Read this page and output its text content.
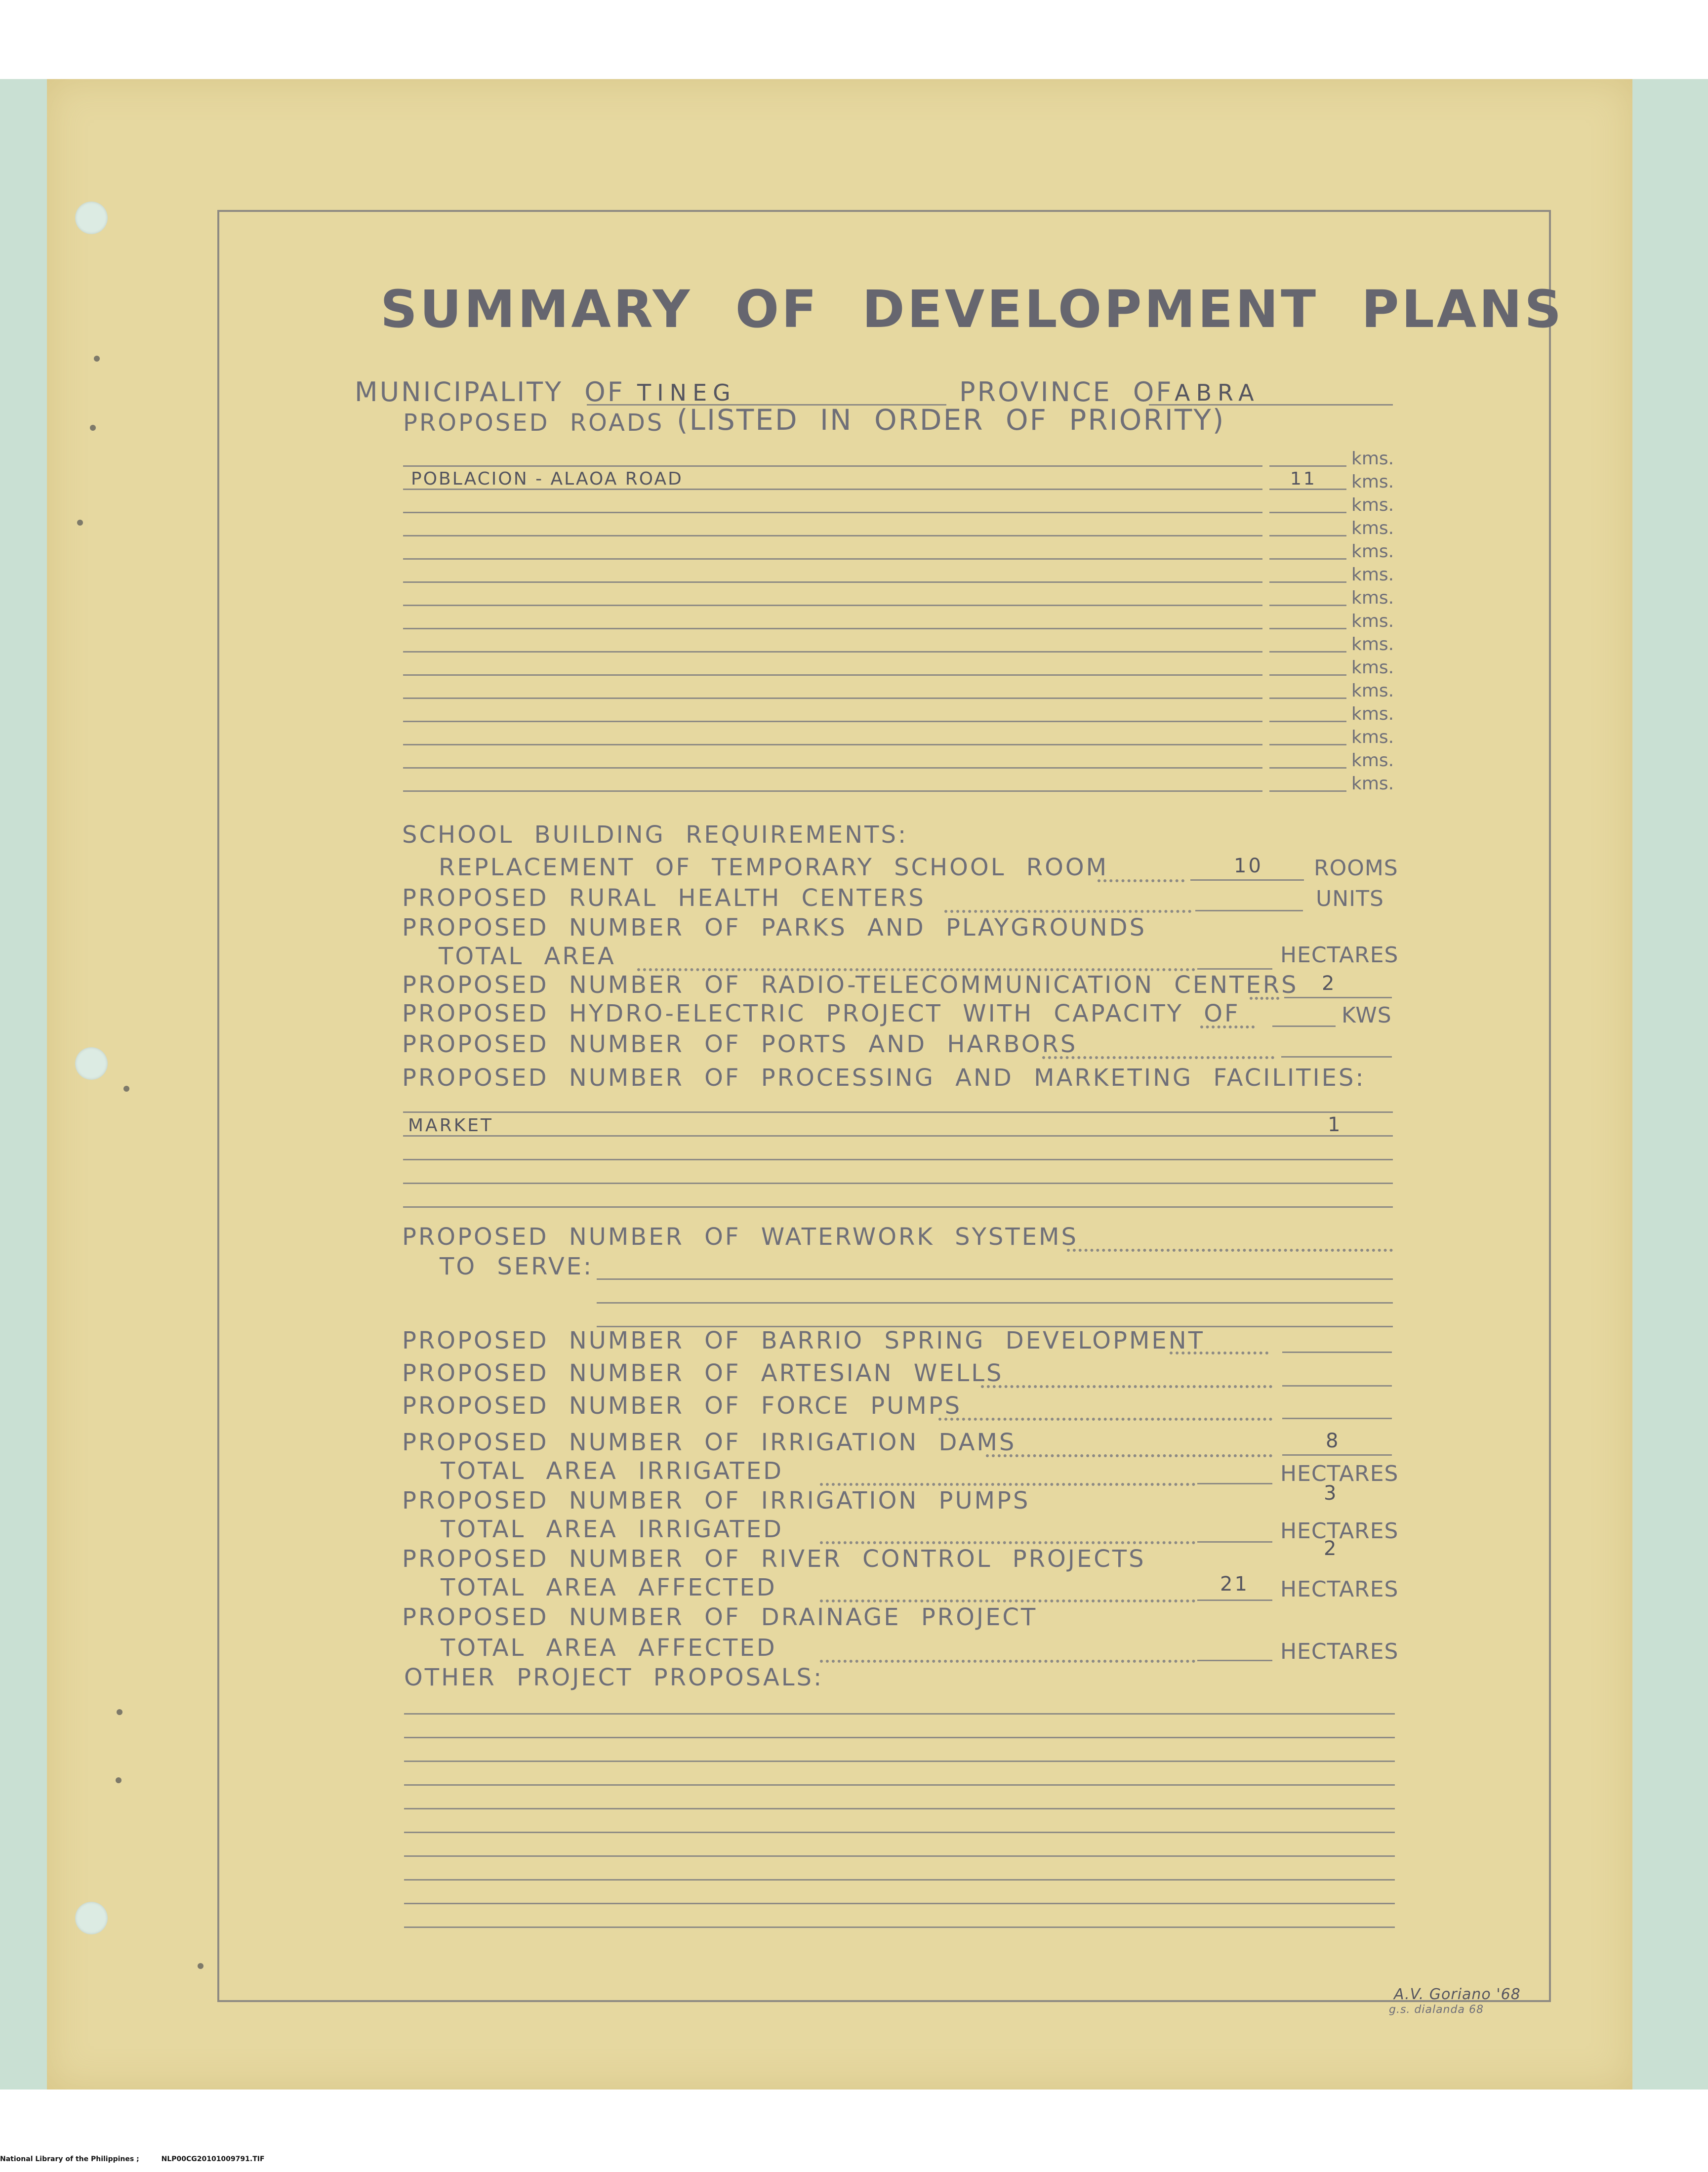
SUMMARY OF DEVELOPMENT PLANS
MUNICIPALITY OF TINEG	PROVINCE OF ABRA
PROPOSED ROADS (LISTED IN ORDER OF PRIORITY)
kms.
POBLACION - ALAOA ROAD	11 kms.
kms.
kms.
kms.
kms.
kms.
kms.
kms.
kms.
kms.
kms.
kms.
kms.
kms.
SCHOOL BUILDING REQUIREMENTS:
REPLACEMENT OF TEMPORARY SCHOOL ROOM	10 ROOMS
PROPOSED RURAL HEALTH CENTERS	UNITS
PROPOSED NUMBER OF PARKS AND PLAYGROUNDS
TOTAL AREA	HECTARES
PROPOSED NUMBER OF RADIO-TELECOMMUNICATION CENTERS 2
PROPOSED HYDRO-ELECTRIC PROJECT WITH CAPACITY OF	KWS
PROPOSED NUMBER OF PORTS AND HARBORS
PROPOSED NUMBER OF PROCESSING AND MARKETING FACILITIES:
MARKET	1
PROPOSED NUMBER OF WATERWORK SYSTEMS
TO SERVE:
PROPOSED NUMBER OF BARRIO SPRING DEVELOPMENT
PROPOSED NUMBER OF ARTESIAN WELLS
PROPOSED NUMBER OF FORCE PUMPS
PROPOSED NUMBER OF IRRIGATION DAMS	8
TOTAL AREA IRRIGATED	HECTARES
PROPOSED NUMBER OF IRRIGATION PUMPS	3
TOTAL AREA IRRIGATED	HECTARES
PROPOSED NUMBER OF RIVER CONTROL PROJECTS	2
TOTAL AREA AFFECTED	21 HECTARES
PROPOSED NUMBER OF DRAINAGE PROJECT
TOTAL AREA AFFECTED	HECTARES
OTHER PROJECT PROPOSALS:
A.V. Goriano '68
g.s. dialanda 68
National Library of the Philippines ;	NLP00CG20101009791.TIF
